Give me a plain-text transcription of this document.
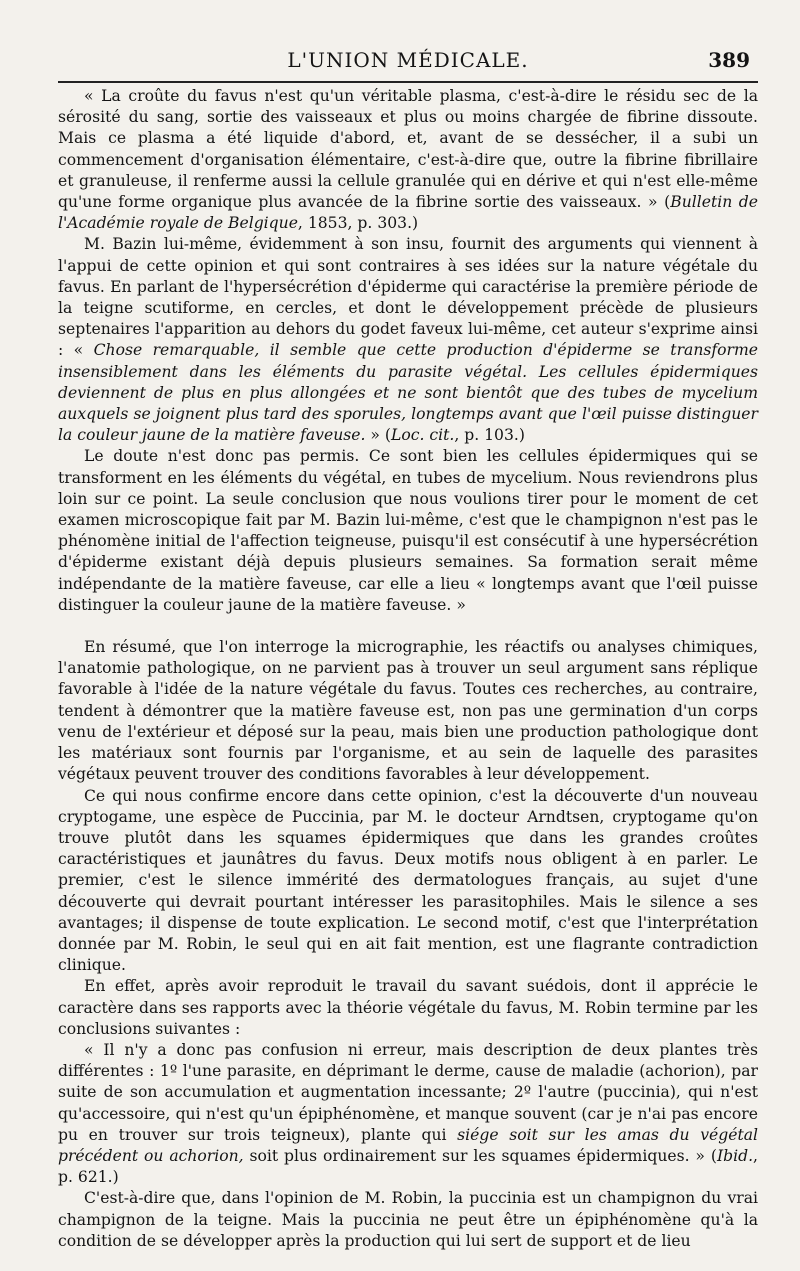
L'UNION MÉDICALE.	389

« La croûte du favus n'est qu'un véritable plasma, c'est-à-dire le résidu sec de la sérosité du sang, sortie des vaisseaux et plus ou moins chargée de fibrine dissoute. Mais ce plasma a été liquide d'abord, et, avant de se dessécher, il a subi un commencement d'organisation élémentaire, c'est-à-dire que, outre la fibrine fibrillaire et granuleuse, il renferme aussi la cellule granulée qui en dérive et qui n'est elle-même qu'une forme organique plus avancée de la fibrine sortie des vaisseaux. » (Bulletin de l'Académie royale de Belgique, 1853, p. 303.)

M. Bazin lui-même, évidemment à son insu, fournit des arguments qui viennent à l'appui de cette opinion et qui sont contraires à ses idées sur la nature végétale du favus. En parlant de l'hypersécrétion d'épiderme qui caractérise la première période de la teigne scutiforme, en cercles, et dont le développement précède de plusieurs septenaires l'apparition au dehors du godet faveux lui-même, cet auteur s'exprime ainsi : « Chose remarquable, il semble que cette production d'épiderme se transforme insensiblement dans les éléments du parasite végétal. Les cellules épidermiques deviennent de plus en plus allongées et ne sont bientôt que des tubes de mycelium auxquels se joignent plus tard des sporules, longtemps avant que l'œil puisse distinguer la couleur jaune de la matière faveuse. » (Loc. cit., p. 103.)

Le doute n'est donc pas permis. Ce sont bien les cellules épidermiques qui se transforment en les éléments du végétal, en tubes de mycelium. Nous reviendrons plus loin sur ce point. La seule conclusion que nous voulions tirer pour le moment de cet examen microscopique fait par M. Bazin lui-même, c'est que le champignon n'est pas le phénomène initial de l'affection teigneuse, puisqu'il est consécutif à une hypersécrétion d'épiderme existant déjà depuis plusieurs semaines. Sa formation serait même indépendante de la matière faveuse, car elle a lieu « longtemps avant que l'œil puisse distinguer la couleur jaune de la matière faveuse. »

En résumé, que l'on interroge la micrographie, les réactifs ou analyses chimiques, l'anatomie pathologique, on ne parvient pas à trouver un seul argument sans réplique favorable à l'idée de la nature végétale du favus. Toutes ces recherches, au contraire, tendent à démontrer que la matière faveuse est, non pas une germination d'un corps venu de l'extérieur et déposé sur la peau, mais bien une production pathologique dont les matériaux sont fournis par l'organisme, et au sein de laquelle des parasites végétaux peuvent trouver des conditions favorables à leur développement.

Ce qui nous confirme encore dans cette opinion, c'est la découverte d'un nouveau cryptogame, une espèce de Puccinia, par M. le docteur Arndtsen, cryptogame qu'on trouve plutôt dans les squames épidermiques que dans les grandes croûtes caractéristiques et jaunâtres du favus. Deux motifs nous obligent à en parler. Le premier, c'est le silence immérité des dermatologues français, au sujet d'une découverte qui devrait pourtant intéresser les parasitophiles. Mais le silence a ses avantages; il dispense de toute explication. Le second motif, c'est que l'interprétation donnée par M. Robin, le seul qui en ait fait mention, est une flagrante contradiction clinique.

En effet, après avoir reproduit le travail du savant suédois, dont il apprécie le caractère dans ses rapports avec la théorie végétale du favus, M. Robin termine par les conclusions suivantes :

« Il n'y a donc pas confusion ni erreur, mais description de deux plantes très différentes : 1º l'une parasite, en déprimant le derme, cause de maladie (achorion), par suite de son accumulation et augmentation incessante; 2º l'autre (puccinia), qui n'est qu'accessoire, qui n'est qu'un épiphénomène, et manque souvent (car je n'ai pas encore pu en trouver sur trois teigneux), plante qui siége soit sur les amas du végétal précédent ou achorion, soit plus ordinairement sur les squames épidermiques. » (Ibid., p. 621.)

C'est-à-dire que, dans l'opinion de M. Robin, la puccinia est un champignon du vrai champignon de la teigne. Mais la puccinia ne peut être un épiphénomène qu'à la condition de se développer après la production qui lui sert de support et de lieu
